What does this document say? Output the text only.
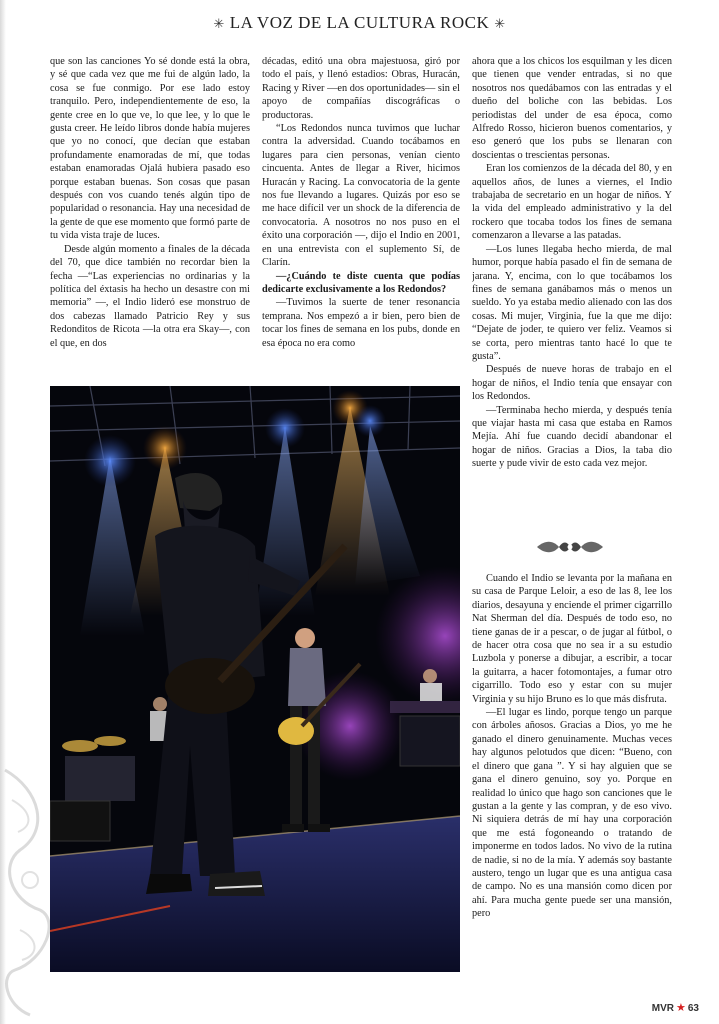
✳ LA VOZ DE LA CULTURA ROCK ✳

que son las canciones Yo sé donde está la obra, y sé que cada vez que me fui de algún lado, la cosa se fue conmigo. Por ese lado estoy tranquilo. Pero, independientemente de eso, la gente cree en lo que ve, lo que lee, y lo que le gusta creer. He leído libros donde había mujeres que yo no conocí, que decían que estaban profundamente enamoradas de mí, que todas estaban enamoradas Ojalá hubiera pasado eso porque estaban buenas. Son cosas que pasan después con vos cuando tenés algún tipo de popularidad o resonancia. Hay una necesidad de la gente de que ese momento que formó parte de tu vida vista traje de luces.

Desde algún momento a finales de la década del 70, que dice también no recordar bien la fecha —“Las experiencias no ordinarias y la política del éxtasis ha hecho un desastre con mi memoria” —, el Indio lideró ese monstruo de dos cabezas llamado Patricio Rey y sus Redonditos de Ricota —la otra era Skay—, con el que, en dos

décadas, editó una obra majestuosa, giró por todo el país, y llenó estadios: Obras, Huracán, Racing y River —en dos oportunidades— sin el apoyo de compañías discográficas o productoras.

“Los Redondos nunca tuvimos que luchar contra la adversidad. Cuando tocábamos en lugares para cien personas, venían ciento cincuenta. Antes de llegar a River, hicimos Huracán y Racing. La convocatoria de la gente nos fue llevando a lugares. Quizás por eso se me hace difícil ver un shock de la diferencia de convocatoria. A nosotros no nos puso en el éxito una corporación —, dijo el Indio en 2001, en una entrevista con el suplemento Sí, de Clarín.

—¿Cuándo te diste cuenta que podías dedicarte exclusivamente a los Redondos?

—Tuvimos la suerte de tener resonancia temprana. Nos empezó a ir bien, pero bien de tocar los fines de semana en los pubs, donde en esa época no era como

ahora que a los chicos los esquilman y les dicen que tienen que vender entradas, si no que nosotros nos quedábamos con las entradas y el dueño del boliche con las bebidas. Los periodistas del under de esa época, como Alfredo Rosso, hicieron buenos comentarios, y eso generó que los pubs se llenaran con doscientas o trescientas personas.

Eran los comienzos de la década del 80, y en aquellos años, de lunes a viernes, el Indio trabajaba de secretario en un hogar de niños. Y la vida del empleado administrativo y la del rockero que tocaba todos los fines de semana comenzaron a llevarse a las patadas.

—Los lunes llegaba hecho mierda, de mal humor, porque había pasado el fin de semana de jarana. Y, encima, con lo que tocábamos los fines de semana ganábamos más o menos un sueldo. Yo ya estaba medio alienado con las dos cosas. Mi mujer, Virginia, fue la que me dijo: “Dejate de joder, te quiero ver feliz. Veamos si se corta, pero mientras tanto hacé lo que te gusta”.

Después de nueve horas de trabajo en el hogar de niños, el Indio tenía que ensayar con los Redondos.

—Terminaba hecho mierda, y después tenía que viajar hasta mi casa que estaba en Ramos Mejía. Ahí fue cuando decidí abandonar el hogar de niños. Gracias a Dios, la taba dio suerte y pude vivir de esto cada vez mejor.

Cuando el Indio se levanta por la mañana en su casa de Parque Leloir, a eso de las 8, lee los diarios, desayuna y enciende el primer cigarrillo Nat Sherman del día. Después de todo eso, no tiene ganas de ir a pescar, o de jugar al fútbol, o de hacer otra cosa que no sea ir a su estudio Luzbola y ponerse a dibujar, a escribir, a tocar la guitarra, a hacer fotomontajes, a fumar otro cigarrillo. Todo eso y estar con su mujer Virginia y su hijo Bruno es lo que más disfruta.

—El lugar es lindo, porque tengo un parque con árboles añosos. Gracias a Dios, yo me he ganado el dinero genuinamente. Muchas veces hay algunos pelotudos que dicen: “Bueno, con el dinero que gana ”. Y si hay alguien que se gana el dinero genuino, soy yo. Porque en realidad lo único que hago son canciones que le gustan a la gente y las compran, y de eso vivo. Ni siquiera detrás de mí hay una corporación que me está fogoneando o tratando de imponerme en todos lados. No vivo de la rutina de nadie, si no de la mía. Y además soy bastante austero, tengo un lugar que es una antigua casa de campo. No es una mansión como dicen por ahí. Para mucha gente puede ser una mansión, pero

MVR ★ 63
